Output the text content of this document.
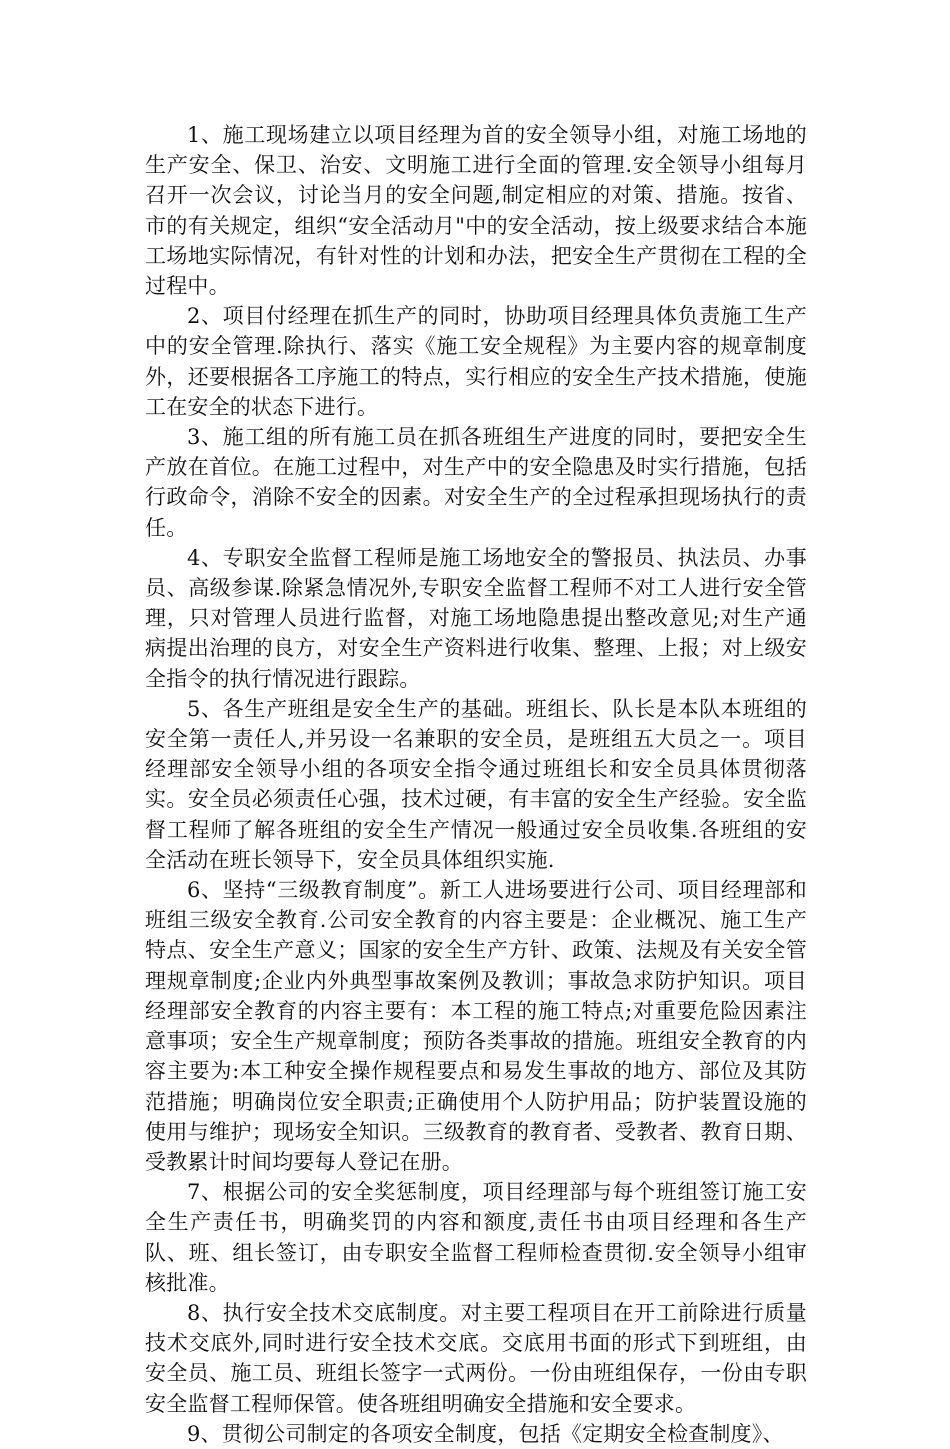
1、施工现场建立以项目经理为首的安全领导小组，对施工场地的生产安全、保卫、治安、文明施工进行全面的管理.安全领导小组每月召开一次会议，讨论当月的安全问题,制定相应的对策、措施。按省、市的有关规定，组织“安全活动月"中的安全活动，按上级要求结合本施工场地实际情况，有针对性的计划和办法，把安全生产贯彻在工程的全过程中。

2、项目付经理在抓生产的同时，协助项目经理具体负责施工生产中的安全管理.除执行、落实《施工安全规程》为主要内容的规章制度外，还要根据各工序施工的特点，实行相应的安全生产技术措施，使施工在安全的状态下进行。

3、施工组的所有施工员在抓各班组生产进度的同时，要把安全生产放在首位。在施工过程中，对生产中的安全隐患及时实行措施，包括行政命令，消除不安全的因素。对安全生产的全过程承担现场执行的责任。

4、专职安全监督工程师是施工场地安全的警报员、执法员、办事员、高级参谋.除紧急情况外,专职安全监督工程师不对工人进行安全管理，只对管理人员进行监督，对施工场地隐患提出整改意见;对生产通病提出治理的良方，对安全生产资料进行收集、整理、上报；对上级安全指令的执行情况进行跟踪。

5、各生产班组是安全生产的基础。班组长、队长是本队本班组的安全第一责任人,并另设一名兼职的安全员，是班组五大员之一。项目经理部安全领导小组的各项安全指令通过班组长和安全员具体贯彻落实。安全员必须责任心强，技术过硬，有丰富的安全生产经验。安全监督工程师了解各班组的安全生产情况一般通过安全员收集.各班组的安全活动在班长领导下，安全员具体组织实施.

6、坚持“三级教育制度”。新工人进场要进行公司、项目经理部和班组三级安全教育.公司安全教育的内容主要是：企业概况、施工生产特点、安全生产意义；国家的安全生产方针、政策、法规及有关安全管理规章制度;企业内外典型事故案例及教训；事故急求防护知识。项目经理部安全教育的内容主要有：本工程的施工特点;对重要危险因素注意事项；安全生产规章制度；预防各类事故的措施。班组安全教育的内容主要为:本工种安全操作规程要点和易发生事故的地方、部位及其防范措施；明确岗位安全职责;正确使用个人防护用品；防护装置设施的使用与维护；现场安全知识。三级教育的教育者、受教者、教育日期、受教累计时间均要每人登记在册。

7、根据公司的安全奖惩制度，项目经理部与每个班组签订施工安全生产责任书，明确奖罚的内容和额度,责任书由项目经理和各生产队、班、组长签订，由专职安全监督工程师检查贯彻.安全领导小组审核批准。

8、执行安全技术交底制度。对主要工程项目在开工前除进行质量技术交底外,同时进行安全技术交底。交底用书面的形式下到班组，由安全员、施工员、班组长签字一式两份。一份由班组保存，一份由专职安全监督工程师保管。使各班组明确安全措施和安全要求。

9、贯彻公司制定的各项安全制度，包括《定期安全检查制度》、
